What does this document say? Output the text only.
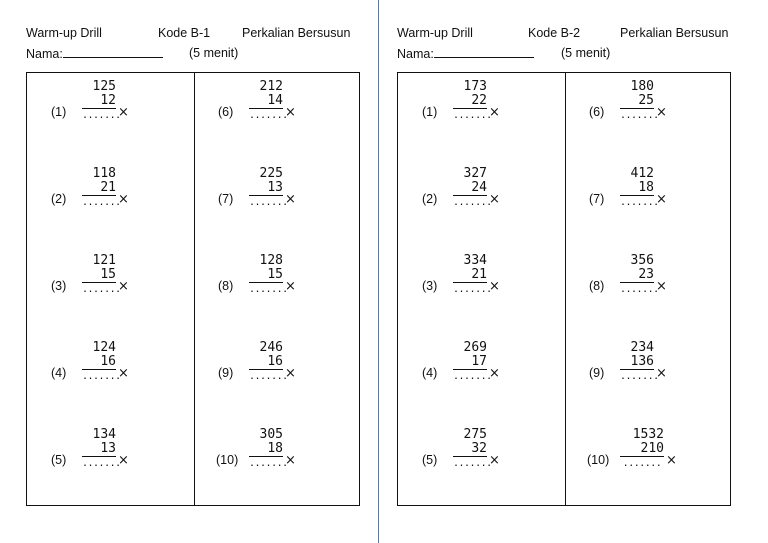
Warm-up Drill	Kode B-1	Perkalian Bersusun
Nama:	(5 menit)
(1)
125
12
.......
×
(2)
118
21
.......
×
(3)
121
15
.......
×
(4)
124
16
.......
×
(5)
134
13
.......
×
(6)
212
14
.......
×
(7)
225
13
.......
×
(8)
128
15
.......
×
(9)
246
16
.......
×
(10)
305
18
.......
×
Warm-up Drill	Kode B-2	Perkalian Bersusun
Nama:	(5 menit)
(1)
173
22
.......
×
(2)
327
24
.......
×
(3)
334
21
.......
×
(4)
269
17
.......
×
(5)
275
32
.......
×
(6)
180
25
.......
×
(7)
412
18
.......
×
(8)
356
23
.......
×
(9)
234
136
.......
×
(10)
1532
210
....... ×
